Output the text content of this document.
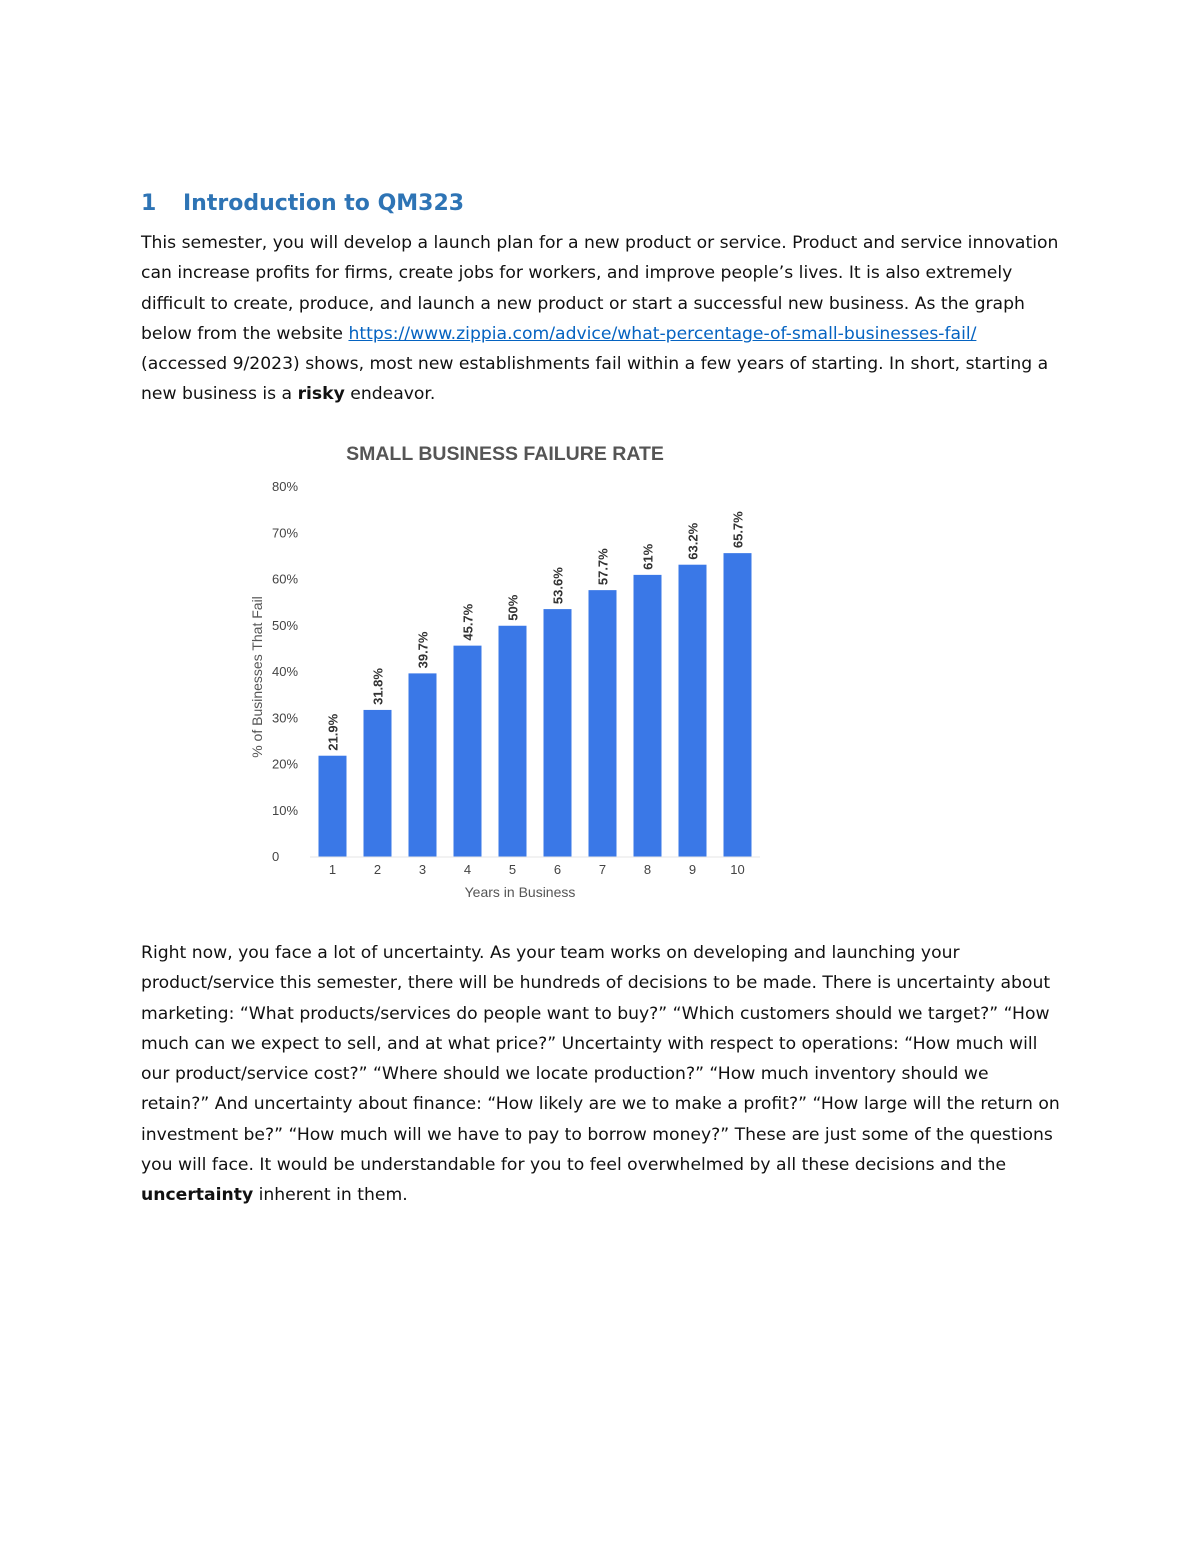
1 Introduction to QM323
This semester, you will develop a launch plan for a new product or service. Product and service innovation can increase profits for firms, create jobs for workers, and improve people’s lives. It is also extremely difficult to create, produce, and launch a new product or start a successful new business. As the graph below from the website https://www.zippia.com/advice/what-percentage-of-small-businesses-fail/ (accessed 9/2023) shows, most new establishments fail within a few years of starting. In short, starting a new business is a risky endeavor.
SMALL BUSINESS FAILURE RATE
0
10%
20%
30%
40%
50%
60%
70%
80%
21.9%
31.8%
39.7%
45.7% 50%
53.6%
57.7% 61% 63.2% 65.7%
1	2	3	4	5	6	7	8	9	10
Years in Business
% of Businesses That Fail
Right now, you face a lot of uncertainty. As your team works on developing and launching your product/service this semester, there will be hundreds of decisions to be made. There is uncertainty about marketing: “What products/services do people want to buy?” “Which customers should we target?” “How much can we expect to sell, and at what price?” Uncertainty with respect to operations: “How much will our product/service cost?” “Where should we locate production?” “How much inventory should we retain?” And uncertainty about finance: “How likely are we to make a profit?” “How large will the return on investment be?” “How much will we have to pay to borrow money?” These are just some of the questions you will face. It would be understandable for you to feel overwhelmed by all these decisions and the uncertainty inherent in them.
